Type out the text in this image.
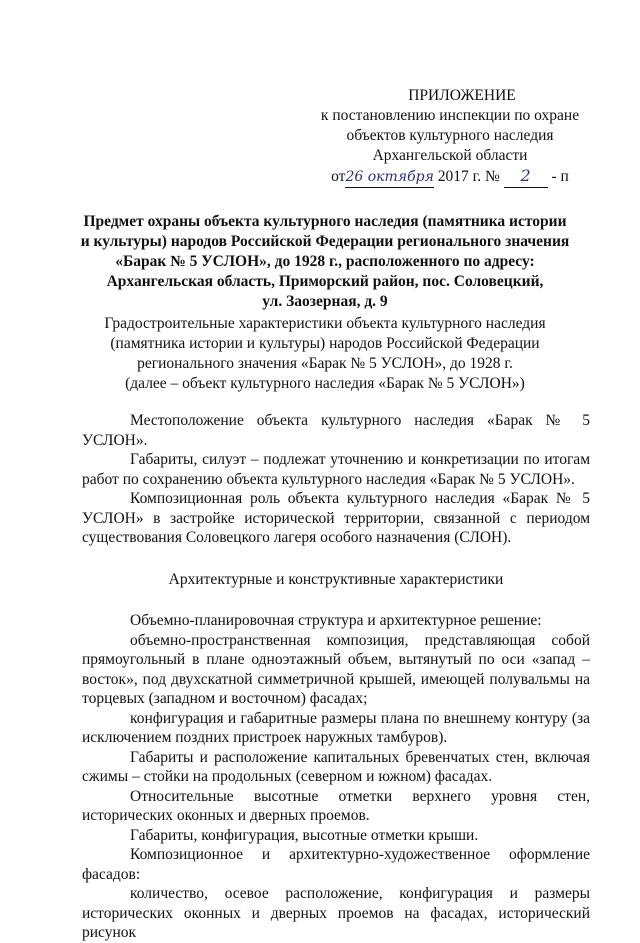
ПРИЛОЖЕНИЕ
к постановлению инспекции по охране
объектов культурного наследия
Архангельской области
от26 октября 2017 г. № 2 - п
Предмет охраны объекта культурного наследия (памятника истории
и культуры) народов Российской Федерации регионального значения
«Барак № 5 УСЛОН», до 1928 г., расположенного по адресу:
Архангельская область, Приморский район, пос. Соловецкий,
ул. Заозерная, д. 9
Градостроительные характеристики объекта культурного наследия
(памятника истории и культуры) народов Российской Федерации
регионального значения «Барак № 5 УСЛОН», до 1928 г.
(далее – объект культурного наследия «Барак № 5 УСЛОН»)

Местоположение объекта культурного наследия «Барак № 5 УСЛОН».

Габариты, силуэт – подлежат уточнению и конкретизации по итогам работ по сохранению объекта культурного наследия «Барак № 5 УСЛОН».

Композиционная роль объекта культурного наследия «Барак № 5 УСЛОН» в застройке исторической территории, связанной с периодом существования Соловецкого лагеря особого назначения (СЛОН).

Архитектурные и конструктивные характеристики

Объемно-планировочная структура и архитектурное решение:

объемно-пространственная композиция, представляющая собой прямоугольный в плане одноэтажный объем, вытянутый по оси «запад – восток», под двухскатной симметричной крышей, имеющей полувальмы на торцевых (западном и восточном) фасадах;

конфигурация и габаритные размеры плана по внешнему контуру (за исключением поздних пристроек наружных тамбуров).

Габариты и расположение капитальных бревенчатых стен, включая сжимы – стойки на продольных (северном и южном) фасадах.

Относительные высотные отметки верхнего уровня стен, исторических оконных и дверных проемов.

Габариты, конфигурация, высотные отметки крыши.

Композиционное и архитектурно-художественное оформление фасадов:

количество, осевое расположение, конфигурация и размеры исторических оконных и дверных проемов на фасадах, исторический рисунок
